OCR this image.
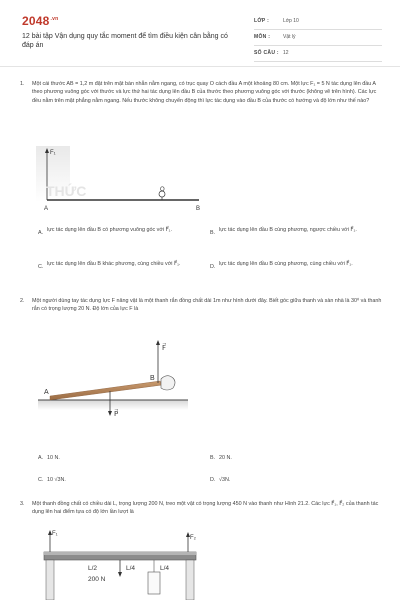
$2048^{.vn}$
12 bài tập Vận dụng quy tắc moment để tìm điều kiện cân bằng có đáp án
LỚP :	Lớp 10
MÔN :	Vật lý
SỐ CÂU : 12
1. Một cái thước AB = 1,2 m đặt trên mặt bàn nhẵn nằm ngang, có trục quay O cách đầu A một khoảng 80 cm. Một lực F₁ = 5 N tác dụng lên đầu A theo phương vuông góc với thước và lực thứ hai tác dụng lên đầu B của thước theo phương vuông góc với thước (không vẽ trên hình). Các lực đều nằm trên mặt phẳng nằm ngang. Nếu thước không chuyển động thì lực tác dụng vào đầu B của thước có hướng và độ lớn như thế nào?
F₁
THỨC	O
A	B
A. lực tác dụng lên đầu B có phương vuông góc với F⃗₁.	B. lực tác dụng lên đầu B cùng phương, ngược chiều với F⃗₁.
C. lực tác dụng lên đầu B khác phương, cùng chiều với F⃗₁.	D. lực tác dụng lên đầu B cùng phương, cùng chiều với F⃗₁.
2. Một người dùng tay tác dụng lực F nâng vật là một thanh rắn đồng chất dài 1m như hình dưới đây. Biết góc giữa thanh và sàn nhà là 30⁰ và thanh rắn có trọng lượng 20 N. Độ lớn của lực F là
F⃗
B
A
P⃗
A. 10 N.	B. 20 N.
C. 10 √3N.	D. √3N.
3. Một thanh đồng chất có chiều dài L, trọng lượng 200 N, treo một vật có trọng lượng 450 N vào thanh như Hình 21.2. Các lực F⃗₁, F⃗₂ của thanh tác dụng lên hai điểm tựa có độ lớn lần lượt là
F₁
F₂
L/2	L/4	L/4
200 N
